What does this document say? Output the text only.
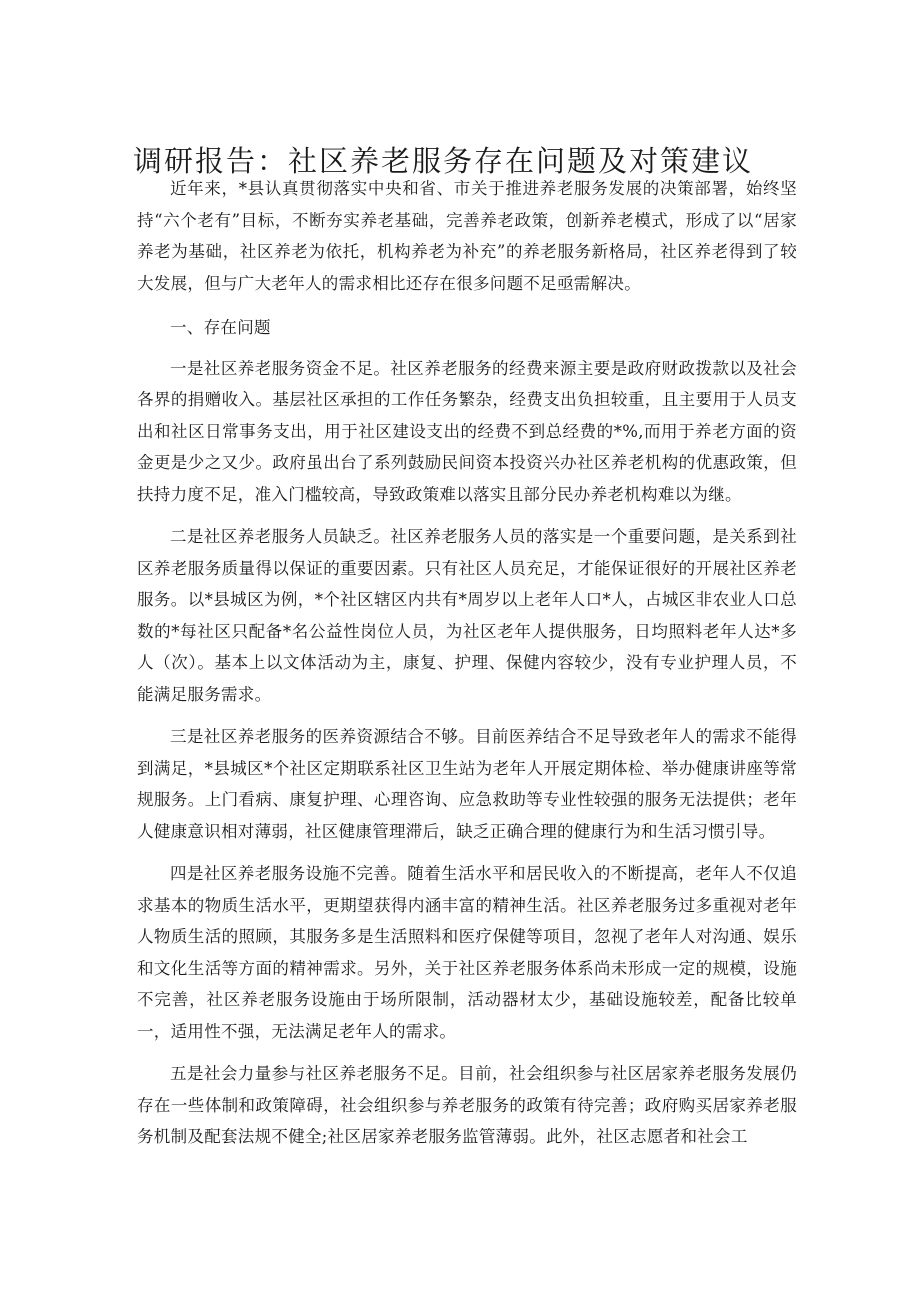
调研报告：社区养老服务存在问题及对策建议

近年来，*县认真贯彻落实中央和省、市关于推进养老服务发展的决策部署，始终坚持“六个老有”目标，不断夯实养老基础，完善养老政策，创新养老模式，形成了以“居家养老为基础，社区养老为依托，机构养老为补充”的养老服务新格局，社区养老得到了较大发展，但与广大老年人的需求相比还存在很多问题不足亟需解决。

一、存在问题

一是社区养老服务资金不足。社区养老服务的经费来源主要是政府财政拨款以及社会各界的捐赠收入。基层社区承担的工作任务繁杂，经费支出负担较重，且主要用于人员支出和社区日常事务支出，用于社区建设支出的经费不到总经费的*%,而用于养老方面的资金更是少之又少。政府虽出台了系列鼓励民间资本投资兴办社区养老机构的优惠政策，但扶持力度不足，准入门槛较高，导致政策难以落实且部分民办养老机构难以为继。

二是社区养老服务人员缺乏。社区养老服务人员的落实是一个重要问题，是关系到社区养老服务质量得以保证的重要因素。只有社区人员充足，才能保证很好的开展社区养老服务。以*县城区为例，*个社区辖区内共有*周岁以上老年人口*人，占城区非农业人口总数的*每社区只配备*名公益性岗位人员，为社区老年人提供服务，日均照料老年人达*多人（次）。基本上以文体活动为主，康复、护理、保健内容较少，没有专业护理人员，不能满足服务需求。

三是社区养老服务的医养资源结合不够。目前医养结合不足导致老年人的需求不能得到满足，*县城区*个社区定期联系社区卫生站为老年人开展定期体检、举办健康讲座等常规服务。上门看病、康复护理、心理咨询、应急救助等专业性较强的服务无法提供；老年人健康意识相对薄弱，社区健康管理滞后，缺乏正确合理的健康行为和生活习惯引导。

四是社区养老服务设施不完善。随着生活水平和居民收入的不断提高，老年人不仅追求基本的物质生活水平，更期望获得内涵丰富的精神生活。社区养老服务过多重视对老年人物质生活的照顾，其服务多是生活照料和医疗保健等项目，忽视了老年人对沟通、娱乐和文化生活等方面的精神需求。另外，关于社区养老服务体系尚未形成一定的规模，设施不完善，社区养老服务设施由于场所限制，活动器材太少，基础设施较差，配备比较单一，适用性不强，无法满足老年人的需求。

五是社会力量参与社区养老服务不足。目前，社会组织参与社区居家养老服务发展仍存在一些体制和政策障碍，社会组织参与养老服务的政策有待完善；政府购买居家养老服务机制及配套法规不健全;社区居家养老服务监管薄弱。此外，社区志愿者和社会工
